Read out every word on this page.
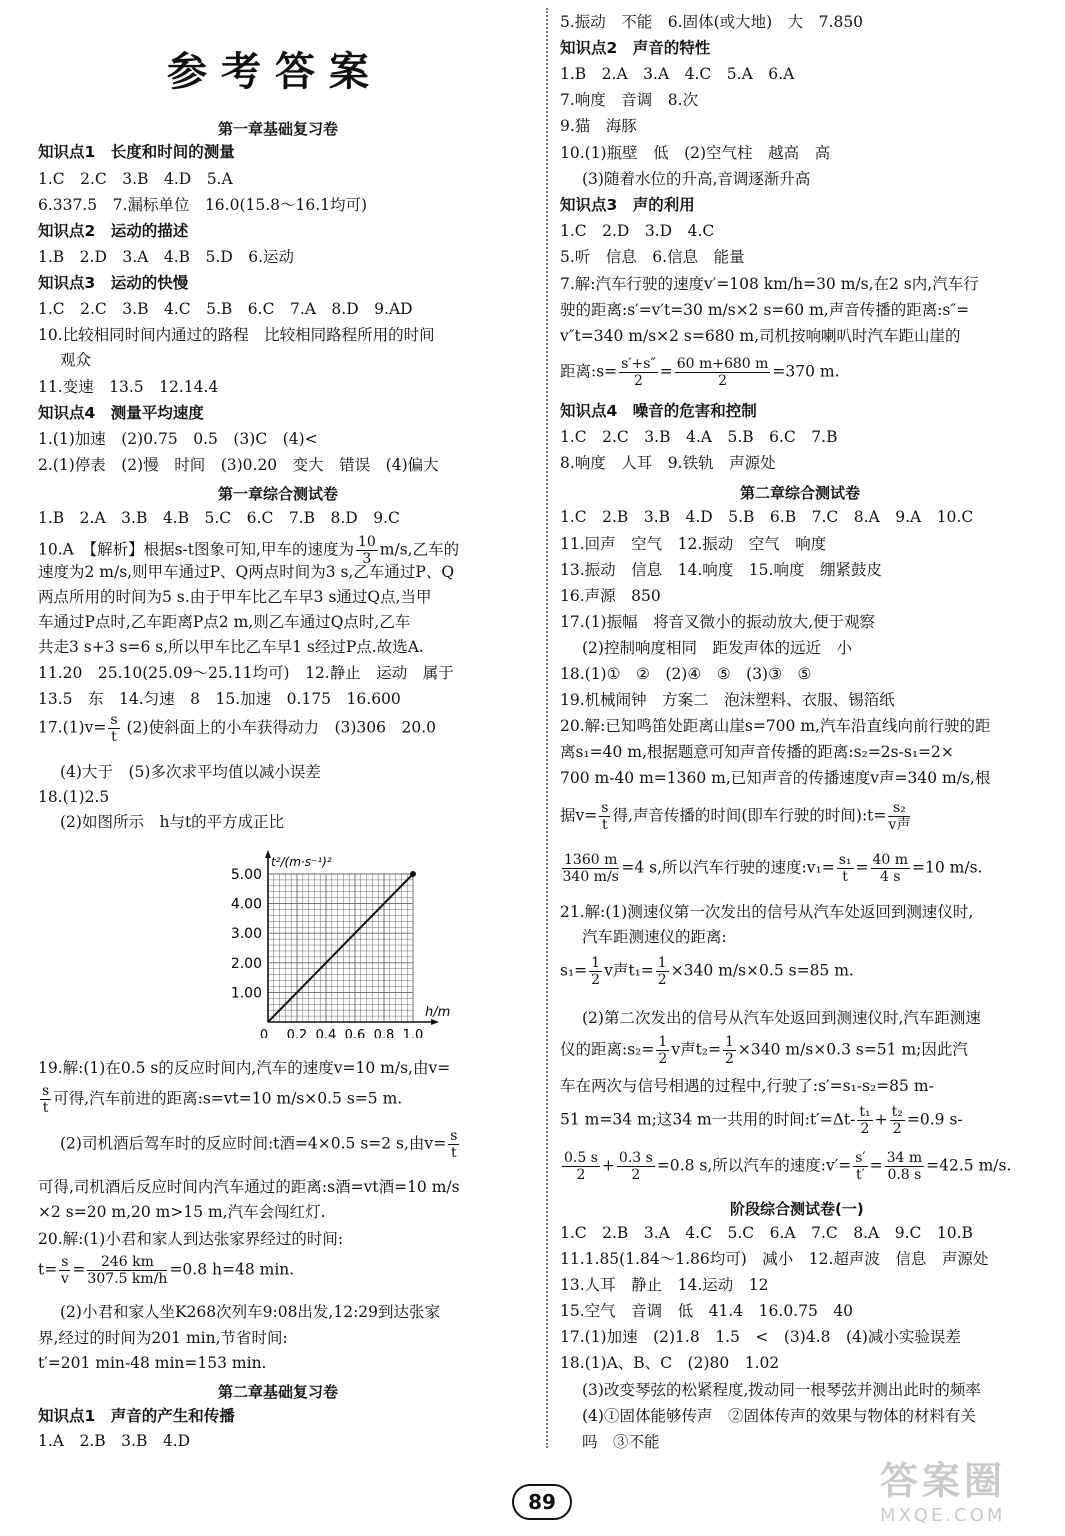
参考答案
第一章基础复习卷
知识点1　长度和时间的测量
1.C　2.C　3.B　4.D　5.A
6.337.5　7.漏标单位　16.0(15.8～16.1均可)
知识点2　运动的描述
1.B　2.D　3.A　4.B　5.D　6.运动
知识点3　运动的快慢
1.C　2.C　3.B　4.C　5.B　6.C　7.A　8.D　9.AD
10.比较相同时间内通过的路程　比较相同路程所用的时间
观众
11.变速　13.5　12.14.4
知识点4　测量平均速度
1.(1)加速　(2)0.75　0.5　(3)C　(4)<
2.(1)停表　(2)慢　时间　(3)0.20　变大　错误　(4)偏大
第一章综合测试卷
1.B　2.A　3.B　4.B　5.C　6.C　7.B　8.D　9.C
10.A　【解析】根据s-t图象可知,甲车的速度为 $\frac{10}{3} m/s$,乙车的
速度为2 m/s,则甲车通过P、Q两点时间为3 s,乙车通过P、Q
两点所用的时间为5 s.由于甲车比乙车早3 s通过Q点,当甲
车通过P点时,乙车距离P点2 m,则乙车通过Q点时,乙车
共走3 s+3 s=6 s,所以甲车比乙车早1 s经过P点.故选A.
11.20　25.10(25.09～25.11均可)　12.静止　运动　属于
13.5　东　14.匀速　8　15.加速　0.175　16.600
$17.(1)v= \frac{s}{t} (2)$使斜面上的小车获得动力　(3)306　20.0
(4)大于　(5)多次求平均值以减小误差
18.(1)2.5
(2)如图所示　h与t的平方成正比
1.00
2.00
3.00
4.00
5.00
0 0.2 0.4 0.6 0.8 1.0
h/m
t²/(m·s⁻¹)²
19.解:(1)在0.5 s的反应时间内,汽车的速度v=10 m/s,由v=
$\frac{s}{t}$ 可得,汽车前进的距离:s=vt=10 m/s×0.5 s=5 m.
(2)司机酒后驾车时的反应时间:t酒=4×0.5 s=2 s,由$v= \frac{s}{t}$
可得,司机酒后反应时间内汽车通过的距离:s酒=vt酒=10 m/s
×2 s=20 m,20 m>15 m,汽车会闯红灯.
20.解:(1)小君和家人到达张家界经过的时间:
$t= \frac{s}{v} = \frac{246 km}{307.5 km/h} =0.8$ h=48 min.
(2)小君和家人坐K268次列车9:08出发,12:29到达张家
界,经过的时间为201 min,节省时间:
t′=201 min-48 min=153 min.
第二章基础复习卷
知识点1　声音的产生和传播
1.A　2.B　3.B　4.D
5.振动　不能　6.固体(或大地)　大　7.850
知识点2　声音的特性
1.B　2.A　3.A　4.C　5.A　6.A
7.响度　音调　8.次
9.猫　海豚
10.(1)瓶壁　低　(2)空气柱　越高　高
(3)随着水位的升高,音调逐渐升高
知识点3　声的利用
1.C　2.D　3.D　4.C
5.听　信息　6.信息　能量
7.解:汽车行驶的速度v′=108 km/h=30 m/s,在2 s内,汽车行
驶的距离:s′=v′t=30 m/s×2 s=60 m,声音传播的距离:s″=
v″t=340 m/s×2 s=680 m,司机按响喇叭时汽车距山崖的
距离:s= $\frac{s'+s''}{2} = \frac{60 m+680 m}{2} =370$ m.
知识点4　噪音的危害和控制
1.C　2.C　3.B　4.A　5.B　6.C　7.B
8.响度　人耳　9.铁轨　声源处
第二章综合测试卷
1.C　2.B　3.B　4.D　5.B　6.B　7.C　8.A　9.A　10.C
11.回声　空气　12.振动　空气　响度
13.振动　信息　14.响度　15.响度　绷紧鼓皮
16.声源　850
17.(1)振幅　将音叉微小的振动放大,便于观察
(2)控制响度相同　距发声体的远近　小
18.(1)①　②　(2)④　⑤　(3)③　⑤
19.机械闹钟　方案二　泡沫塑料、衣服、锡箔纸
20.解:已知鸣笛处距离山崖s=700 m,汽车沿直线向前行驶的距
离s₁=40 m,根据题意可知声音传播的距离:s₂=2s-s₁=2×
700 m-40 m=1360 m,已知声音的传播速度v声=340 m/s,根
据$v= \frac{s}{t}$ 得,声音传播的时间(即车行驶的时间):t= $\frac{\text{s₂}}{\text{v声}}$
$\frac{1360 m}{340 m/s} =4$ s,所以汽车行驶的速度:v₁= $\frac{\text{s₁}}{t} = \frac{40 m}{4 s} =10$ m/s.
21.解:(1)测速仪第一次发出的信号从汽车处返回到测速仪时,
汽车距测速仪的距离:
$s_1= \frac{1}{2}$ v声$t_1= \frac{1}{2} \times 340$ m/s×0.5 s=85 m.
(2)第二次发出的信号从汽车处返回到测速仪时,汽车距测速
仪的距离:s₂= $\frac{1}{2}$ v声$t_2= \frac{1}{2} \times 340$ m/s×0.3 s=51 m;因此汽
车在两次与信号相遇的过程中,行驶了:s′=s₁-s₂=85 m-
51 m=34 m;这34 m一共用的时间:t′=Δt- $\frac{\text{t₁}}{2} + \frac{\text{t₂}}{2} =0.9$ s-
$\frac{0.5 s}{2} + \frac{0.3 s}{2} =0.8$ s,所以汽车的速度:v′= $\frac{s'}{t'} = \frac{34 m}{0.8 s} =42.5$ m/s.
阶段综合测试卷(一)
1.C　2.B　3.A　4.C　5.C　6.A　7.C　8.A　9.C　10.B
11.1.85(1.84～1.86均可)　减小　12.超声波　信息　声源处
13.人耳　静止　14.运动　12
15.空气　音调　低　41.4　16.0.75　40
17.(1)加速　(2)1.8　1.5　<　(3)4.8　(4)减小实验误差
18.(1)A、B、C　(2)80　1.02
(3)改变琴弦的松紧程度,拨动同一根琴弦并测出此时的频率
(4)①固体能够传声　②固体传声的效果与物体的材料有关
吗　③不能
89	答案圈
MXQE.COM
